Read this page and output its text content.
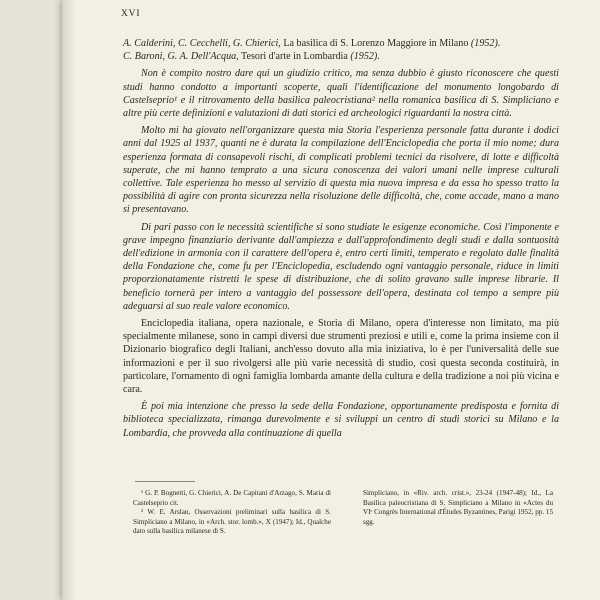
XVI

A. Calderini, C. Cecchelli, G. Chierici, La basilica di S. Lorenzo Maggiore in Milano (1952).

C. Baroni, G. A. Dell'Acqua, Tesori d'arte in Lombardia (1952).

Non è compito nostro dare qui un giudizio critico, ma senza dubbio è giusto riconoscere che questi studi hanno condotto a importanti scoperte, quali l'identificazione del monumento longobardo di Castelseprio¹ e il ritrovamento della basilica paleocristiana² nella romanica basilica di S. Simpliciano e altre più certe definizioni e valutazioni di dati storici ed archeologici riguardanti la nostra città.

Molto mi ha giovato nell'organizzare questa mia Storia l'esperienza personale fatta durante i dodici anni dal 1925 al 1937, quanti ne è durata la compilazione dell'Enciclopedia che porta il mio nome; dura esperienza formata di consapevoli rischi, di complicati problemi tecnici da risolvere, di lotte e difficoltà superate, che mi hanno temprato a una sicura conoscenza dei valori umani nelle imprese culturali collettive. Tale esperienza ho messo al servizio di questa mia nuova impresa e da essa ho spesso tratto la possibilità di agire con pronta sicurezza nella risoluzione delle difficoltà, che, come accade, mano a mano si presentavano.

Di pari passo con le necessità scientifiche si sono studiate le esigenze economiche. Così l'imponente e grave impegno finanziario derivante dall'ampiezza e dall'approfondimento degli studi e dalla sontuosità dell'edizione in armonia con il carattere dell'opera è, entro certi limiti, temperato e regolato dalle finalità della Fondazione che, come fu per l'Enciclopedia, escludendo ogni vantaggio personale, riduce in limiti proporzionatamente ristretti le spese di distribuzione, che di solito gravano sulle imprese librarie. Il beneficio tornerà per intero a vantaggio del possessore dell'opera, destinata col tempo a sempre più adeguarsi al suo reale valore economico.

Enciclopedia italiana, opera nazionale, e Storia di Milano, opera d'interesse non limitato, ma più specialmente milanese, sono in campi diversi due strumenti preziosi e utili e, come la prima insieme con il Dizionario biografico degli Italiani, anch'esso dovuto alla mia iniziativa, lo è per l'universalità delle sue informazioni e per il suo rivolgersi alle più varie necessità di studio, così questa seconda costituirà, in particolare, l'ornamento di ogni famiglia lombarda amante della cultura e della tradizione a noi più vicina e cara.

È poi mia intenzione che presso la sede della Fondazione, opportunamente predisposta e fornita di biblioteca specializzata, rimanga durevolmente e si sviluppi un centro di studi storici su Milano e la Lombardia, che provveda alla continuazione di quella

¹ G. P. Bognetti, G. Chierici, A. De Capitani d'Arzago, S. Maria di Castelseprio cit.

² W. E. Arslan, Osservazioni preliminari sulla basilica di S. Simpliciano a Milano, in «Arch. stor. lomb.», X (1947); Id., Qualche dato sulla basilica milanese di S.

Simpliciano, in «Riv. arch. crist.», 23-24 (1947-48); Id., La Basilica paleocristiana di S. Simpliciano a Milano in «Actes du VIᵉ Congrès International d'Études Byzantines, Parigi 1952, pp. 15 sgg.
